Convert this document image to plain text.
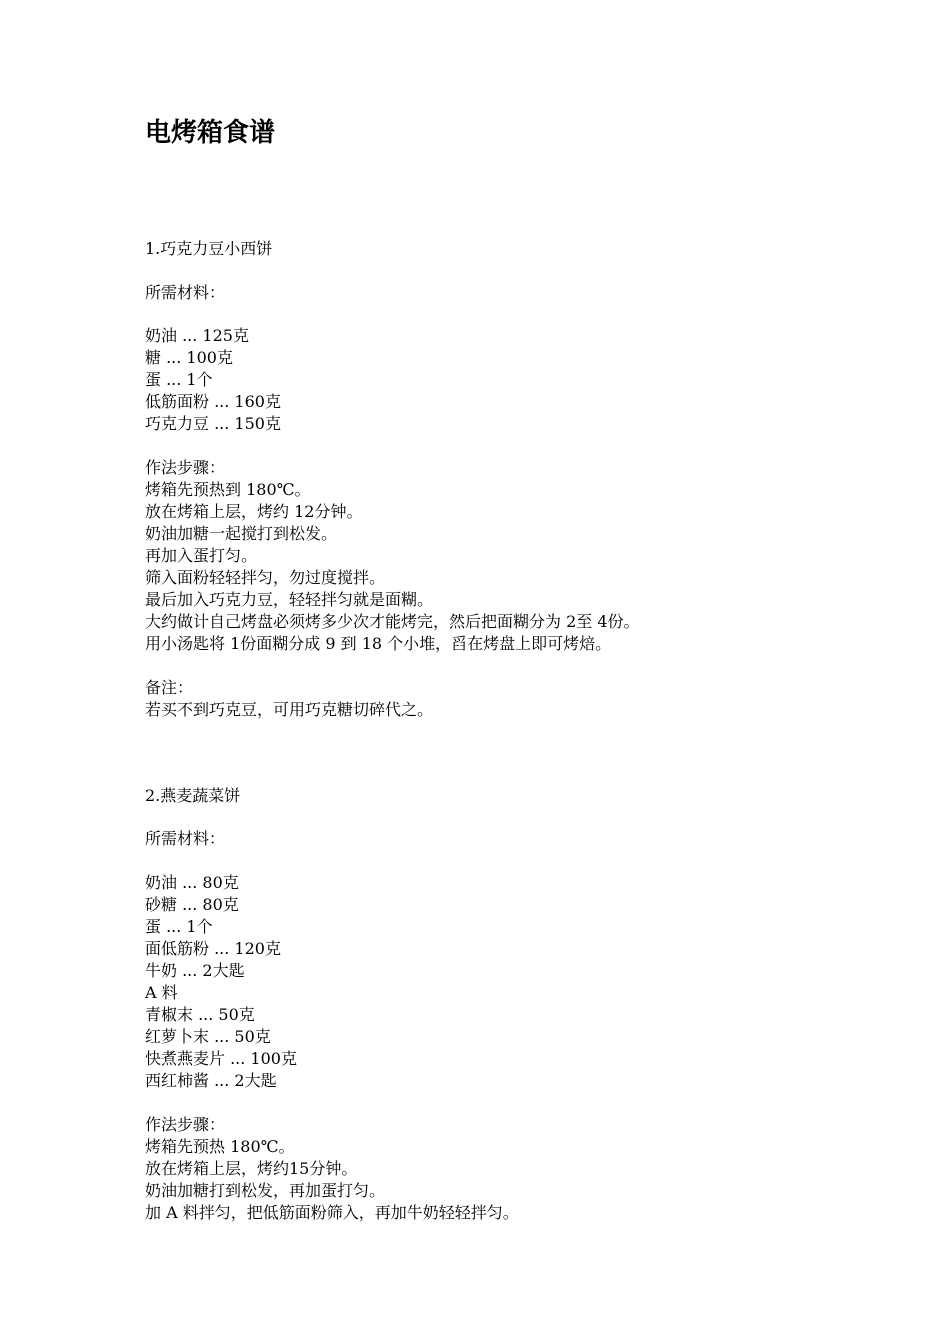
电烤箱食谱
1.巧克力豆小西饼
所需材料：
奶油 ... 125克
糖 ... 100克
蛋 ... 1个
低筋面粉 ... 160克
巧克力豆 ... 150克
作法步骤：
烤箱先预热到 180℃。
放在烤箱上层，烤约 12分钟。
奶油加糖一起搅打到松发。
再加入蛋打匀。
筛入面粉轻轻拌匀，勿过度搅拌。
最后加入巧克力豆，轻轻拌匀就是面糊。
大约做计自己烤盘必须烤多少次才能烤完，然后把面糊分为 2至 4份。
用小汤匙将 1份面糊分成 9 到 18 个小堆，舀在烤盘上即可烤焙。
备注：
若买不到巧克豆，可用巧克糖切碎代之。
2.燕麦蔬菜饼
所需材料：
奶油 ... 80克
砂糖 ... 80克
蛋 ... 1个
面低筋粉 ... 120克
牛奶 ... 2大匙
A 料
青椒末 ... 50克
红萝卜末 ... 50克
快煮燕麦片 ... 100克
西红柿酱 ... 2大匙
作法步骤：
烤箱先预热 180℃。
放在烤箱上层，烤约15分钟。
奶油加糖打到松发，再加蛋打匀。
加 A 料拌匀，把低筋面粉筛入，再加牛奶轻轻拌匀。
